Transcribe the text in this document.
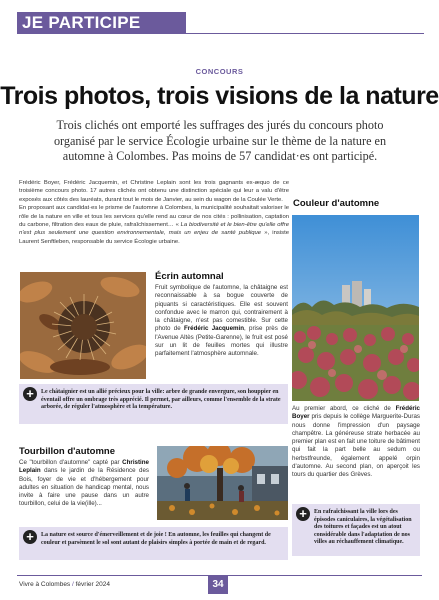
JE PARTICIPE
CONCOURS
Trois photos, trois visions de la nature

Trois clichés ont emporté les suffrages des jurés du concours photo organisé par le service Écologie urbaine sur le thème de la nature en automne à Colombes. Pas moins de 57 candidat·es ont participé.

Frédéric Boyer, Frédéric Jacquemin, et Christine Leplain sont les trois gagnants ex-æquo de ce troisième concours photo. 17 autres clichés ont obtenu une distinction spéciale qui leur a valu d'être exposés aux côtés des lauréats, durant tout le mois de Janvier, au sein du wagon de la Coulée Verte.

En proposant aux candidat·es le prisme de l'automne à Colombes, la municipalité souhaitait valoriser le rôle de la nature en ville et tous les services qu'elle rend au cœur de nos cités : pollinisation, captation du carbone, filtration des eaux de pluie, rafraîchissement… « La biodiversité et le bien-être qu'elle offre n'est plus seulement une question environnementale, mais un enjeu de santé publique », insiste Laurent Senftleben, responsable du service Écologie urbaine.

Couleur d'automne

Au premier abord, ce cliché de Frédéric Boyer pris depuis le collège Marguerite-Duras nous donne l'impression d'un paysage champêtre. La généreuse strate herbacée au premier plan est en fait une toiture de bâtiment qui fait la part belle au sedum ou herbstfreunde, également appelé orpin d'automne. Au second plan, on aperçoit les tours du quartier des Grèves.

+	En rafraîchissant la ville lors des épisodes caniculaires, la végétalisation des toitures et façades est un atout considérable dans l'adaptation de nos villes au réchauffement climatique.
Écrin automnal

Fruit symbolique de l'automne, la châtaigne est reconnaissable à sa bogue couverte de piquants si caractéristiques. Elle est souvent confondue avec le marron qui, contrairement à la châtaigne, n'est pas comestible. Sur cette photo de Frédéric Jacquemin, prise près de l'Avenue Altès (Petite-Garenne), le fruit est posé sur un lit de feuilles mortes qui illustre parfaitement l'atmosphère automnale.

+	Le châtaignier est un allié précieux pour la ville: arbre de grande envergure, son houppier en éventail offre un ombrage très apprécié. Il permet, par ailleurs, comme l'ensemble de la strate arborée, de réguler l'atmosphère et la température.
Tourbillon d'automne

Ce "tourbillon d'automne" capté par Christine Leplain dans le jardin de la Résidence des Bois, foyer de vie et d'hébergement pour adultes en situation de handicap mental, nous invite à faire une pause dans un autre tourbillon, celui de la vie(ille)...

+	La nature est source d'émerveillement et de joie ! En automne, les feuilles qui changent de couleur et parsèment le sol sont autant de plaisirs simples à portée de main et de regard.
Vivre à Colombes / février 2024	34
